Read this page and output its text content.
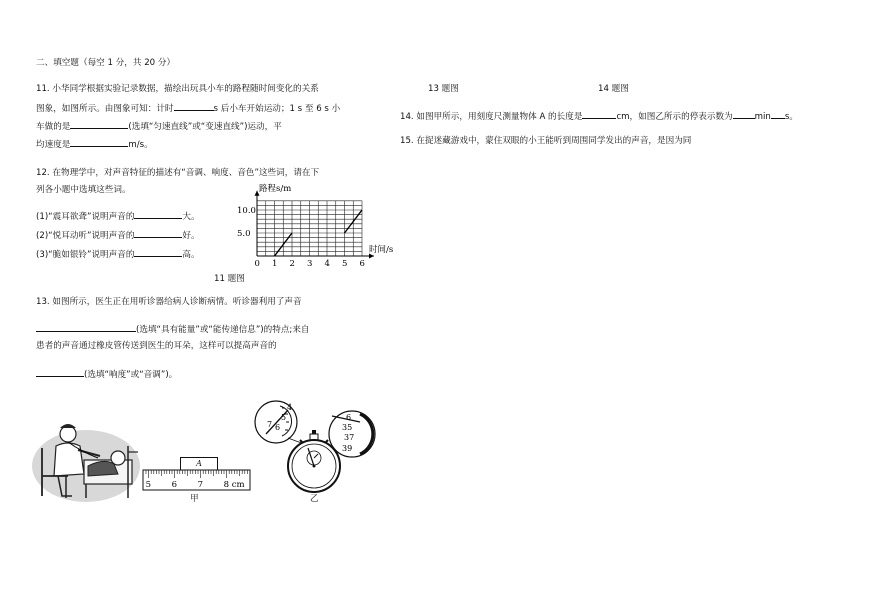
二、填空题（每空 1 分，共 20 分）
11. 小华同学根据实验记录数据，描绘出玩具小车的路程随时间变化的关系
图象，如图所示。由图象可知：计时	s 后小车开始运动；1 s 至 6 s 小
车做的是	(选填“匀速直线”或“变速直线”)运动，平
均速度是	m/s。
12. 在物理学中，对声音特征的描述有“音调、响度、音色”这些词，请在下
列各小题中选填这些词。
(1)“震耳欲聋”说明声音的	大。
(2)“悦耳动听”说明声音的	好。
(3)“脆如银铃”说明声音的	高。
0 1 2 3 4 5 6
5.0
10.0
路程s/m
时间/s
11 题图
13. 如图所示，医生正在用听诊器给病人诊断病情。听诊器利用了声音
(选填“具有能量”或“能传递信息”)的特点;来自
患者的声音通过橡皮管传送到医生的耳朵，这样可以提高声音的
(选填“响度”或“音调”)。
A
5 6 7 8 cm
甲
4
5
6
7
6
35
37
39
乙
13 题图	14 题图
14. 如图甲所示，用刻度尺测量物体 A 的长度是	cm，如图乙所示的停表示数为	min s。
15. 在捉迷藏游戏中，蒙住双眼的小王能听到周围同学发出的声音，是因为同
